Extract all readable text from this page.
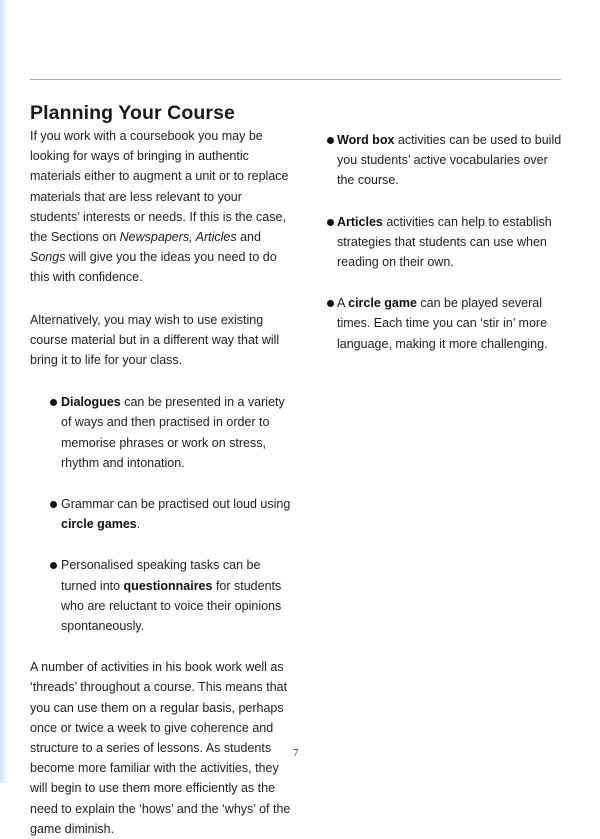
Planning Your Course

If you work with a coursebook you may be looking for ways of bringing in authentic materials either to augment a unit or to replace materials that are less relevant to your students’ interests or needs. If this is the case, the Sections on Newspapers, Articles and Songs will give you the ideas you need to do this with confidence.

Alternatively, you may wish to use existing course material but in a different way that will bring it to life for your class.

Dialogues can be presented in a variety of ways and then practised in order to memorise phrases or work on stress, rhythm and intonation.
Grammar can be practised out loud using circle games.
Personalised speaking tasks can be turned into questionnaires for students who are reluctant to voice their opinions spontaneously.

A number of activities in his book work well as ‘threads’ throughout a course. This means that you can use them on a regular basis, perhaps once or twice a week to give coherence and structure to a series of lessons. As students become more familiar with the activities, they will begin to use them more efficiently as the need to explain the ‘hows’ and the ‘whys’ of the game diminish.

Word box activities can be used to build you students’ active vocabularies over the course.
Articles activities can help to establish strategies that students can use when reading on their own.
A circle game can be played several times. Each time you can ‘stir in’ more language, making it more challenging.
7
